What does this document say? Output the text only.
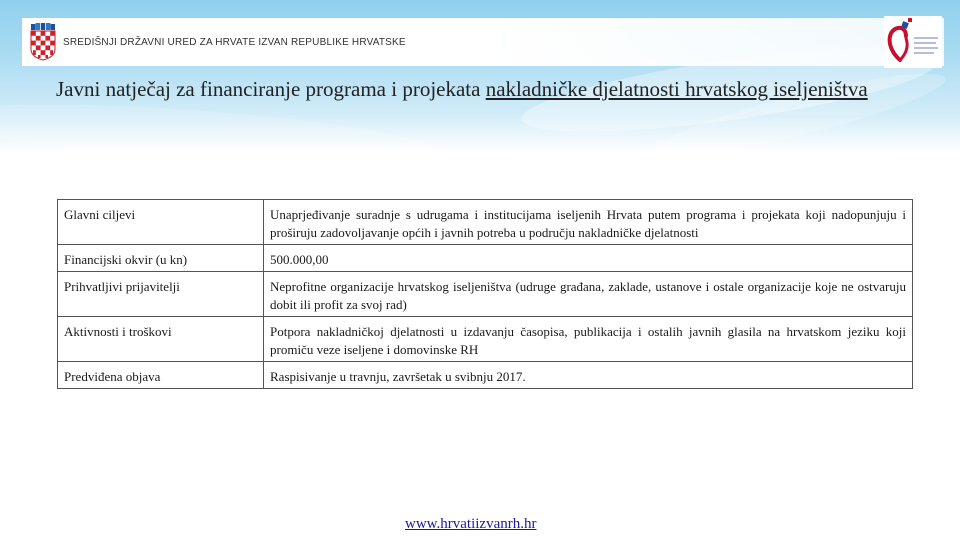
SREDIŠNJI DRŽAVNI URED ZA HRVATE IZVAN REPUBLIKE HRVATSKE
Javni natječaj za financiranje programa i projekata nakladničke djelatnosti hrvatskog iseljeništva
Glavni ciljevi	Unaprjeđivanje suradnje s udrugama i institucijama iseljenih Hrvata putem programa i projekata koji nadopunjuju i proširuju zadovoljavanje općih i javnih potreba u području nakladničke djelatnosti
Financijski okvir (u kn)	500.000,00
Prihvatljivi prijavitelji	Neprofitne organizacije hrvatskog iseljeništva (udruge građana, zaklade, ustanove i ostale organizacije koje ne ostvaruju dobit ili profit za svoj rad)
Aktivnosti i troškovi	Potpora nakladničkoj djelatnosti u izdavanju časopisa, publikacija i ostalih javnih glasila na hrvatskom jeziku koji promiču veze iseljene i domovinske RH
Predviđena objava	Raspisivanje u travnju, završetak u svibnju 2017.
www.hrvatiizvanrh.hr
